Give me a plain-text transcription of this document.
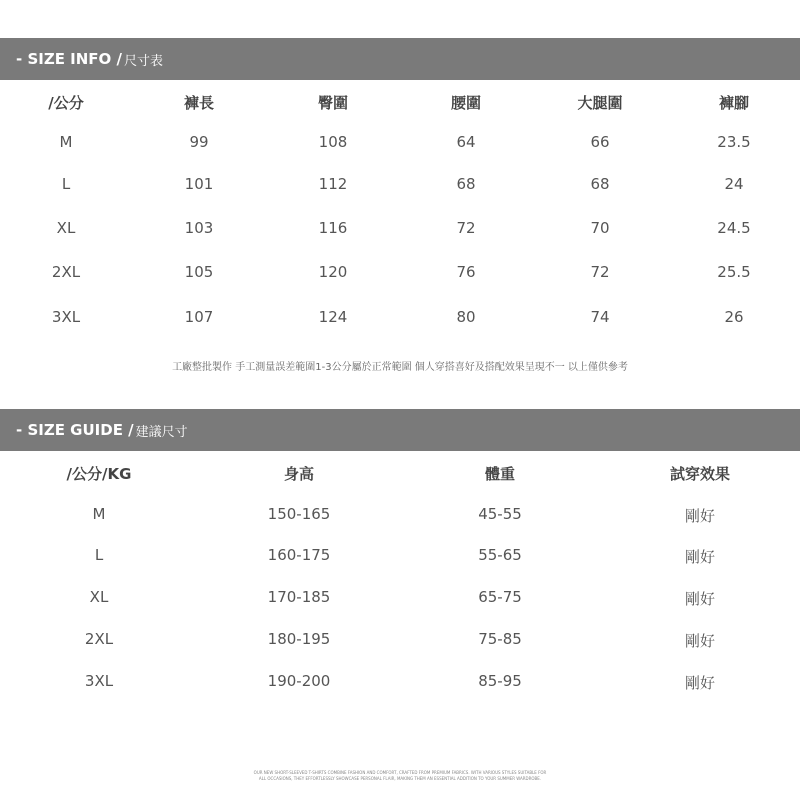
- SIZE INFO / 尺寸表
/公分	褲長	臀圍	腰圍	大腿圍	褲腳
M	99	108	64	66	23.5
L	101	112	68	68	24
XL	103	116	72	70	24.5
2XL	105	120	76	72	25.5
3XL	107	124	80	74	26
工廠整批製作 手工測量誤差範圍1-3公分屬於正常範圍 個人穿搭喜好及搭配效果呈現不一 以上僅供參考
- SIZE GUIDE / 建議尺寸
/公分/KG	身高	體重	試穿效果
M	150-165	45-55	剛好
L	160-175	55-65	剛好
XL	170-185	65-75	剛好
2XL	180-195	75-85	剛好
3XL	190-200	85-95	剛好
OUR NEW SHORT-SLEEVED T-SHIRTS COMBINE FASHION AND COMFORT, CRAFTED FROM PREMIUM FABRICS. WITH VARIOUS STYLES SUITABLE FOR
ALL OCCASIONS, THEY EFFORTLESSLY SHOWCASE PERSONAL FLAIR, MAKING THEM AN ESSENTIAL ADDITION TO YOUR SUMMER WARDROBE.
